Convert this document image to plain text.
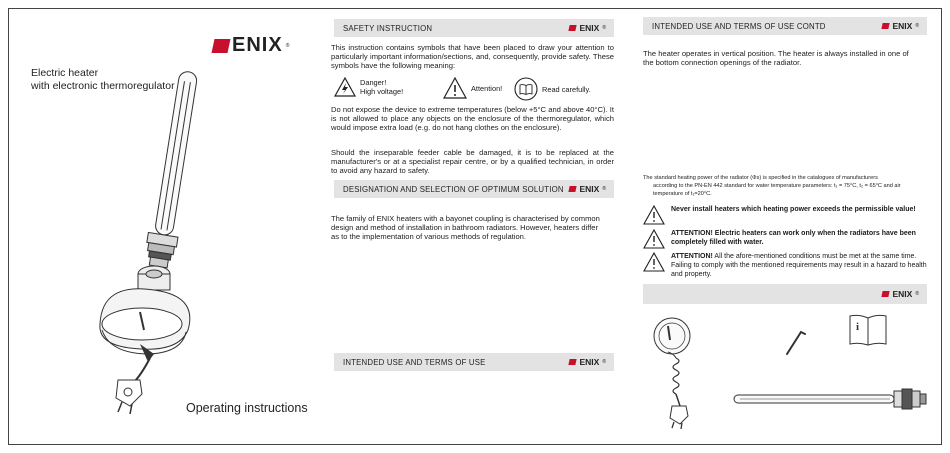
ENIX ®
Electric heater
with electronic thermoregulator
Operating instructions
SAFETY INSTRUCTION	ENIX ®
This instruction contains symbols that have been placed to draw your attention to particularly important information/sections, and, consequently, provide safety. These symbols have the following meaning:
Danger!
High voltage!	Attention!	Read carefully.
Do not expose the device to extreme temperatures (below +5°C and above 40°C). It is not allowed to place any objects on the enclosure of the thermoregulator, which would impose extra load (e.g. do not hang clothes on the enclosure).
Should the inseparable feeder cable be damaged, it is to be replaced at the manufacturer's or at a specialist repair centre, or by a qualified technician, in order to avoid any hazard to safety.
DESIGNATION AND SELECTION OF OPTIMUM SOLUTION ENIX ®
The family of ENIX heaters with a bayonet coupling is characterised by common design and method of installation in bathroom radiators. However, heaters differ as to the implementation of various methods of regulation.
INTENDED USE AND TERMS OF USE	ENIX ®
INTENDED USE AND TERMS OF USE CONTD	ENIX ®
The heater operates in vertical position. The heater is always installed in one of the bottom connection openings of the radiator.
The standard heating power of the radiator (Φs) is specified in the catalogues of manufacturers
according to the PN-EN 442 standard for water temperature parameters: t₁ = 75°C, t₂ = 65°C and air
temperature of t₁=20°C.
Never install heaters which heating power exceeds the permissible value!
ATTENTION! Electric heaters can work only when the radiators have been completely filled with water.
ATTENTION! All the afore-mentioned conditions must be met at the same time. Failing to comply with the mentioned requirements may result in a hazard to health and property.
ENIX ®
i
